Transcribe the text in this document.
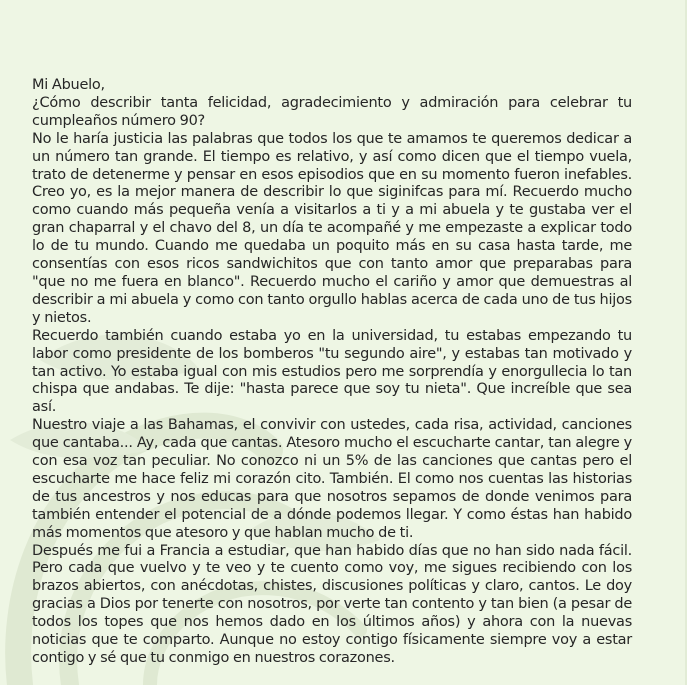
Mi Abuelo,

¿Cómo describir tanta felicidad, agradecimiento y admiración para celebrar tu cumpleaños número 90?

No le haría justicia las palabras que todos los que te amamos te queremos dedicar a un número tan grande. El tiempo es relativo, y así como dicen que el tiempo vuela, trato de detenerme y pensar en esos episodios que en su momento fueron inefables. Creo yo, es la mejor manera de describir lo que siginifcas para mí. Recuerdo mucho como cuando más pequeña venía a visitarlos a ti y a mi abuela y te gustaba ver el gran chaparral y el chavo del 8, un día te acompañé y me empezaste a explicar todo lo de tu mundo. Cuando me quedaba un poquito más en su casa hasta tarde, me consentías con esos ricos sandwichitos que con tanto amor que preparabas para "que no me fuera en blanco". Recuerdo mucho el cariño y amor que demuestras al describir a mi abuela y como con tanto orgullo hablas acerca de cada uno de tus hijos y nietos.

Recuerdo también cuando estaba yo en la universidad, tu estabas empezando tu labor como presidente de los bomberos "tu segundo aire", y estabas tan motivado y tan activo. Yo estaba igual con mis estudios pero me sorprendía y enorgullecia lo tan chispa que andabas. Te dije: "hasta parece que soy tu nieta". Que increíble que sea así.

Nuestro viaje a las Bahamas, el convivir con ustedes, cada risa, actividad, canciones que cantaba... Ay, cada que cantas. Atesoro mucho el escucharte cantar, tan alegre y con esa voz tan peculiar. No conozco ni un 5% de las canciones que cantas pero el escucharte me hace feliz mi corazón cito. También. El como nos cuentas las historias de tus ancestros y nos educas para que nosotros sepamos de donde venimos para también entender el potencial de a dónde podemos llegar. Y como éstas han habido más momentos que atesoro y que hablan mucho de ti.

Después me fui a Francia a estudiar, que han habido días que no han sido nada fácil. Pero cada que vuelvo y te veo y te cuento como voy, me sigues recibiendo con los brazos abiertos, con anécdotas, chistes, discusiones políticas y claro, cantos. Le doy gracias a Dios por tenerte con nosotros, por verte tan contento y tan bien (a pesar de todos los topes que nos hemos dado en los últimos años) y ahora con la nuevas noticias que te comparto. Aunque no estoy contigo físicamente siempre voy a estar contigo y sé que tu conmigo en nuestros corazones.
